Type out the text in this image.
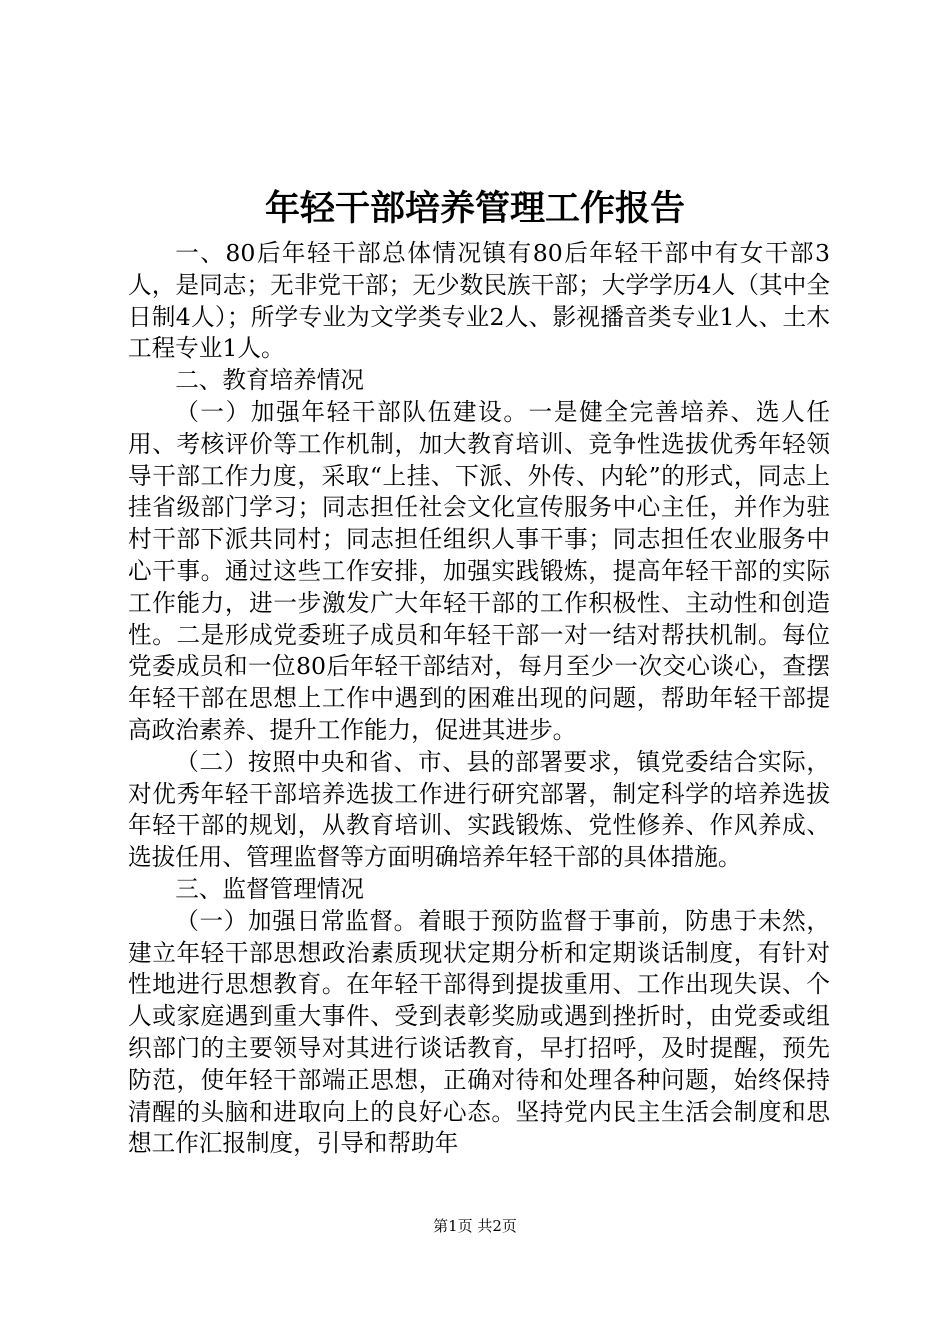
年轻干部培养管理工作报告

一、80后年轻干部总体情况镇有80后年轻干部中有女干部3人，是同志；无非党干部；无少数民族干部；大学学历4人（其中全日制4人）；所学专业为文学类专业2人、影视播音类专业1人、土木工程专业1人。

二、教育培养情况

（一）加强年轻干部队伍建设。一是健全完善培养、选人任用、考核评价等工作机制，加大教育培训、竞争性选拔优秀年轻领导干部工作力度，采取“上挂、下派、外传、内轮”的形式，同志上挂省级部门学习；同志担任社会文化宣传服务中心主任，并作为驻村干部下派共同村；同志担任组织人事干事；同志担任农业服务中心干事。通过这些工作安排，加强实践锻炼，提高年轻干部的实际工作能力，进一步激发广大年轻干部的工作积极性、主动性和创造性。二是形成党委班子成员和年轻干部一对一结对帮扶机制。每位党委成员和一位80后年轻干部结对，每月至少一次交心谈心，查摆年轻干部在思想上工作中遇到的困难出现的问题，帮助年轻干部提高政治素养、提升工作能力，促进其进步。

（二）按照中央和省、市、县的部署要求，镇党委结合实际，对优秀年轻干部培养选拔工作进行研究部署，制定科学的培养选拔年轻干部的规划，从教育培训、实践锻炼、党性修养、作风养成、选拔任用、管理监督等方面明确培养年轻干部的具体措施。

三、监督管理情况

（一）加强日常监督。着眼于预防监督于事前，防患于未然，建立年轻干部思想政治素质现状定期分析和定期谈话制度，有针对性地进行思想教育。在年轻干部得到提拔重用、工作出现失误、个人或家庭遇到重大事件、受到表彰奖励或遇到挫折时，由党委或组织部门的主要领导对其进行谈话教育，早打招呼，及时提醒，预先防范，使年轻干部端正思想，正确对待和处理各种问题，始终保持清醒的头脑和进取向上的良好心态。坚持党内民主生活会制度和思想工作汇报制度，引导和帮助年

第1页 共2页
